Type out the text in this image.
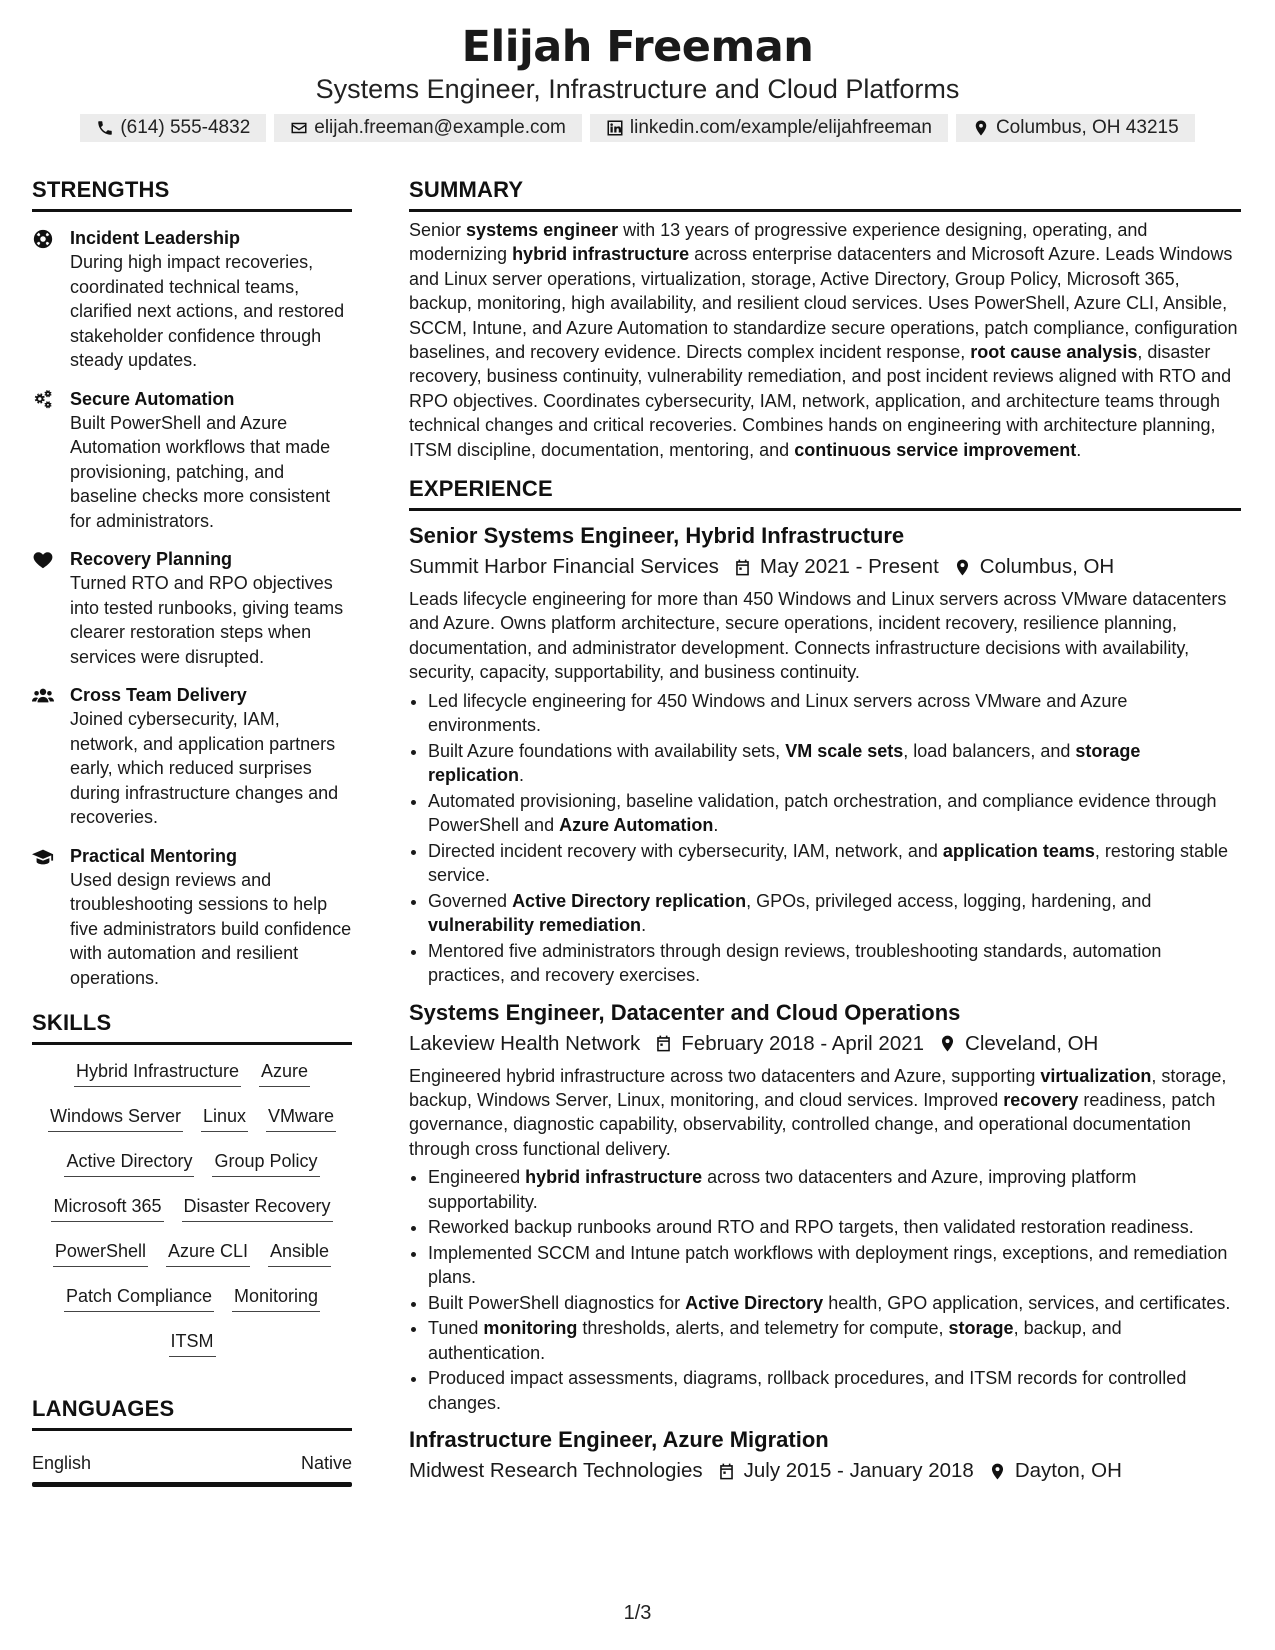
Elijah Freeman
Systems Engineer, Infrastructure and Cloud Platforms
(614) 555-4832	elijah.freeman@example.com	linkedin.com/example/elijahfreeman	Columbus, OH 43215
STRENGTHS
Incident Leadership
During high impact recoveries, coordinated technical teams, clarified next actions, and restored stakeholder confidence through steady updates.
Secure Automation
Built PowerShell and Azure Automation workflows that made provisioning, patching, and baseline checks more consistent for administrators.
Recovery Planning
Turned RTO and RPO objectives into tested runbooks, giving teams clearer restoration steps when services were disrupted.
Cross Team Delivery
Joined cybersecurity, IAM, network, and application partners early, which reduced surprises during infrastructure changes and recoveries.
Practical Mentoring
Used design reviews and troubleshooting sessions to help five administrators build confidence with automation and resilient operations.
SKILLS
Hybrid Infrastructure Azure
Windows Server Linux VMware
Active Directory Group Policy
Microsoft 365 Disaster Recovery
PowerShell Azure CLI Ansible
Patch Compliance Monitoring
ITSM
LANGUAGES
English	Native
SUMMARY
Senior systems engineer with 13 years of progressive experience designing, operating, and modernizing hybrid infrastructure across enterprise datacenters and Microsoft Azure. Leads Windows and Linux server operations, virtualization, storage, Active Directory, Group Policy, Microsoft 365, backup, monitoring, high availability, and resilient cloud services. Uses PowerShell, Azure CLI, Ansible, SCCM, Intune, and Azure Automation to standardize secure operations, patch compliance, configuration baselines, and recovery evidence. Directs complex incident response, root cause analysis, disaster recovery, business continuity, vulnerability remediation, and post incident reviews aligned with RTO and RPO objectives. Coordinates cybersecurity, IAM, network, application, and architecture teams through technical changes and critical recoveries. Combines hands on engineering with architecture planning, ITSM discipline, documentation, mentoring, and continuous service improvement.
EXPERIENCE
Senior Systems Engineer, Hybrid Infrastructure
Summit Harbor Financial Services May 2021 - Present Columbus, OH
Leads lifecycle engineering for more than 450 Windows and Linux servers across VMware datacenters and Azure. Owns platform architecture, secure operations, incident recovery, resilience planning, documentation, and administrator development. Connects infrastructure decisions with availability, security, capacity, supportability, and business continuity.
• Led lifecycle engineering for 450 Windows and Linux servers across VMware and Azure environments.
• Built Azure foundations with availability sets, VM scale sets, load balancers, and storage replication.
• Automated provisioning, baseline validation, patch orchestration, and compliance evidence through PowerShell and Azure Automation.
• Directed incident recovery with cybersecurity, IAM, network, and application teams, restoring stable service.
• Governed Active Directory replication, GPOs, privileged access, logging, hardening, and vulnerability remediation.
• Mentored five administrators through design reviews, troubleshooting standards, automation practices, and recovery exercises.
Systems Engineer, Datacenter and Cloud Operations
Lakeview Health Network February 2018 - April 2021 Cleveland, OH
Engineered hybrid infrastructure across two datacenters and Azure, supporting virtualization, storage, backup, Windows Server, Linux, monitoring, and cloud services. Improved recovery readiness, patch governance, diagnostic capability, observability, controlled change, and operational documentation through cross functional delivery.
• Engineered hybrid infrastructure across two datacenters and Azure, improving platform supportability.
• Reworked backup runbooks around RTO and RPO targets, then validated restoration readiness.
• Implemented SCCM and Intune patch workflows with deployment rings, exceptions, and remediation plans.
• Built PowerShell diagnostics for Active Directory health, GPO application, services, and certificates.
• Tuned monitoring thresholds, alerts, and telemetry for compute, storage, backup, and authentication.
• Produced impact assessments, diagrams, rollback procedures, and ITSM records for controlled changes.
Infrastructure Engineer, Azure Migration
Midwest Research Technologies July 2015 - January 2018 Dayton, OH
1/3
